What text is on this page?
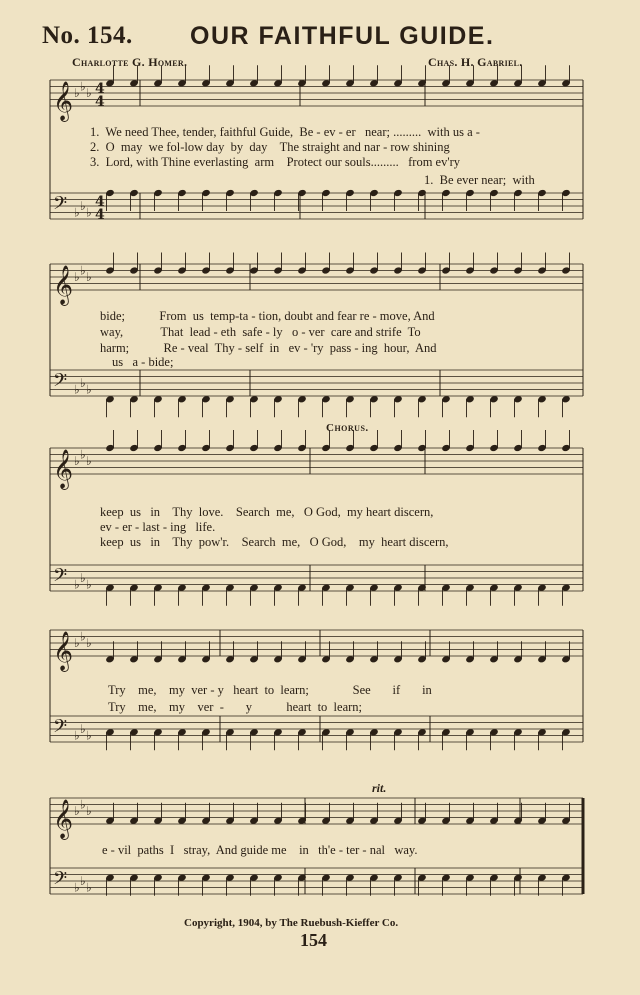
No. 154. OUR FAITHFUL GUIDE.
Charlotte G. Homer.	Chas. H. Gabriel.
𝄞 ♭ ♭ ♭ 4
4
𝄢 ♭ ♭ ♭
4
4
𝄞 ♭ ♭ ♭
𝄢 ♭ ♭ ♭
𝄞 ♭ ♭ ♭
𝄢 ♭ ♭ ♭
𝄞 ♭ ♭ ♭
𝄢 ♭ ♭ ♭
𝄞 ♭ ♭ ♭
𝄢 ♭ ♭ ♭
1.  We need Thee, tender, faithful Guide,  Be - ev - er   near; .........  with us a -
2.  O  may  we fol-low day  by  day    The straight and nar - row shining
3.  Lord, with Thine everlasting  arm    Protect our souls.........   from ev'ry
1.  Be ever near;  with
bide;           From  us  temp-ta - tion, doubt and fear re - move, And
way,            That  lead - eth  safe - ly   o - ver  care and strife  To
harm;           Re - veal  Thy - self  in   ev - 'ry  pass - ing  hour,  And
us   a - bide;
Chorus.
keep  us   in    Thy  love.    Search  me,   O God,  my heart discern,
ev - er - last - ing   life.
keep  us   in    Thy  pow'r.    Search  me,   O God,    my  heart discern,
Try    me,    my  ver - y   heart  to  learn;              See       if       in
Try    me,    my    ver  -       y           heart  to  learn;
rit.
e - vil  paths  I   stray,  And guide me    in   th'e - ter - nal   way.
Copyright, 1904, by The Ruebush-Kieffer Co.
154
